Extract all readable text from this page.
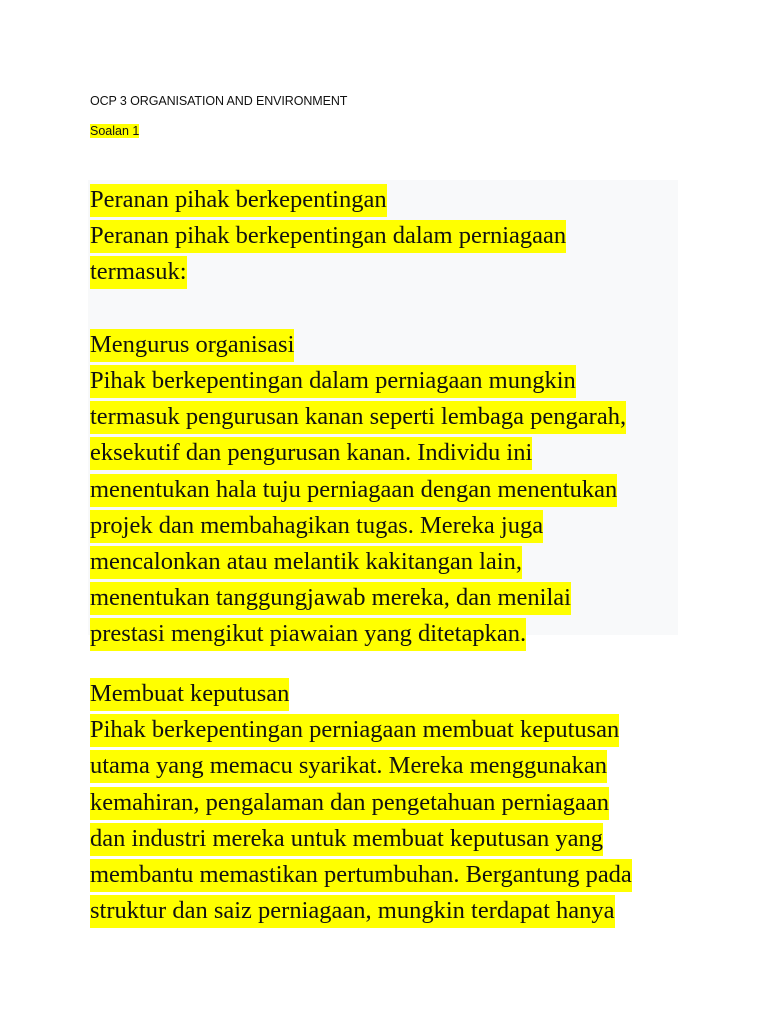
OCP 3 ORGANISATION AND ENVIRONMENT
Soalan 1
Peranan pihak berkepentingan
Peranan pihak berkepentingan dalam perniagaan
termasuk:
Mengurus organisasi
Pihak berkepentingan dalam perniagaan mungkin
termasuk pengurusan kanan seperti lembaga pengarah,
eksekutif dan pengurusan kanan. Individu ini
menentukan hala tuju perniagaan dengan menentukan
projek dan membahagikan tugas. Mereka juga
mencalonkan atau melantik kakitangan lain,
menentukan tanggungjawab mereka, dan menilai
prestasi mengikut piawaian yang ditetapkan.
Membuat keputusan
Pihak berkepentingan perniagaan membuat keputusan
utama yang memacu syarikat. Mereka menggunakan
kemahiran, pengalaman dan pengetahuan perniagaan
dan industri mereka untuk membuat keputusan yang
membantu memastikan pertumbuhan. Bergantung pada
struktur dan saiz perniagaan, mungkin terdapat hanya
